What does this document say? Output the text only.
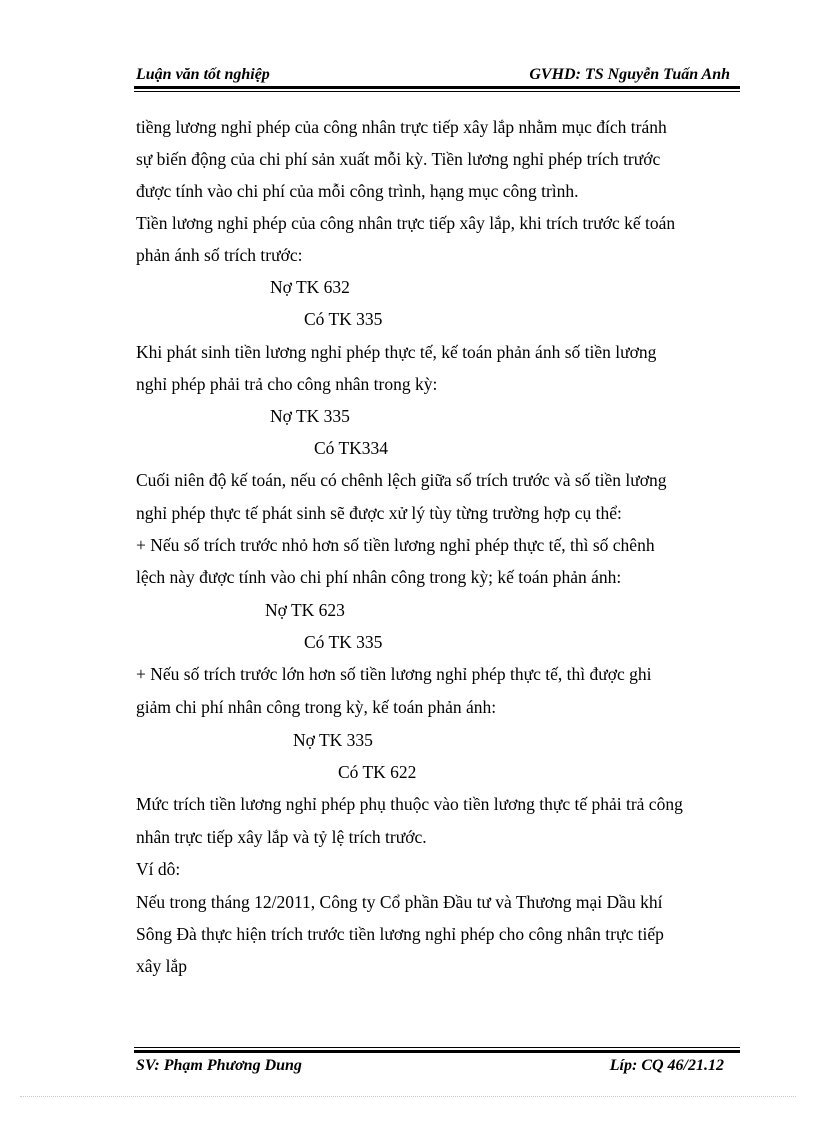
Luận văn tốt nghiệp	GVHD: TS Nguyễn Tuấn Anh
tiềng lương nghỉ phép của công nhân trực tiếp xây lắp nhằm mục đích tránh
sự biến động của chi phí sản xuất mỗi kỳ. Tiền lương nghỉ phép trích trước
được tính vào chi phí của mỗi công trình, hạng mục công trình.
Tiền lương nghỉ phép của công nhân trực tiếp xây lắp, khi trích trước kế toán
phản ánh số trích trước:
Nợ TK 632
Có TK 335
Khi phát sinh tiền lương nghỉ phép thực tế, kế toán phản ánh số tiền lương
nghỉ phép phải trả cho công nhân trong kỳ:
Nợ TK 335
Có TK334
Cuối niên độ kế toán, nếu có chênh lệch giữa số trích trước và số tiền lương
nghỉ phép thực tế phát sinh sẽ được xử lý tùy từng trường hợp cụ thể:
+ Nếu số trích trước nhỏ hơn số tiền lương nghỉ phép thực tế, thì số chênh
lệch này được tính vào chi phí nhân công trong kỳ; kế toán phản ánh:
Nợ TK 623
Có TK 335
+ Nếu số trích trước lớn hơn số tiền lương nghỉ phép thực tế, thì được ghi
giảm chi phí nhân công trong kỳ, kế toán phản ánh:
Nợ TK 335
Có TK 622
Mức trích tiền lương nghỉ phép phụ thuộc vào tiền lương thực tế phải trả công
nhân trực tiếp xây lắp và tỷ lệ trích trước.
Ví dô:
Nếu trong tháng 12/2011, Công ty Cổ phần Đầu tư và Thương mại Dầu khí
Sông Đà thực hiện trích trước tiền lương nghỉ phép cho công nhân trực tiếp
xây lắp
SV: Phạm Phương Dung	Líp: CQ 46/21.12
